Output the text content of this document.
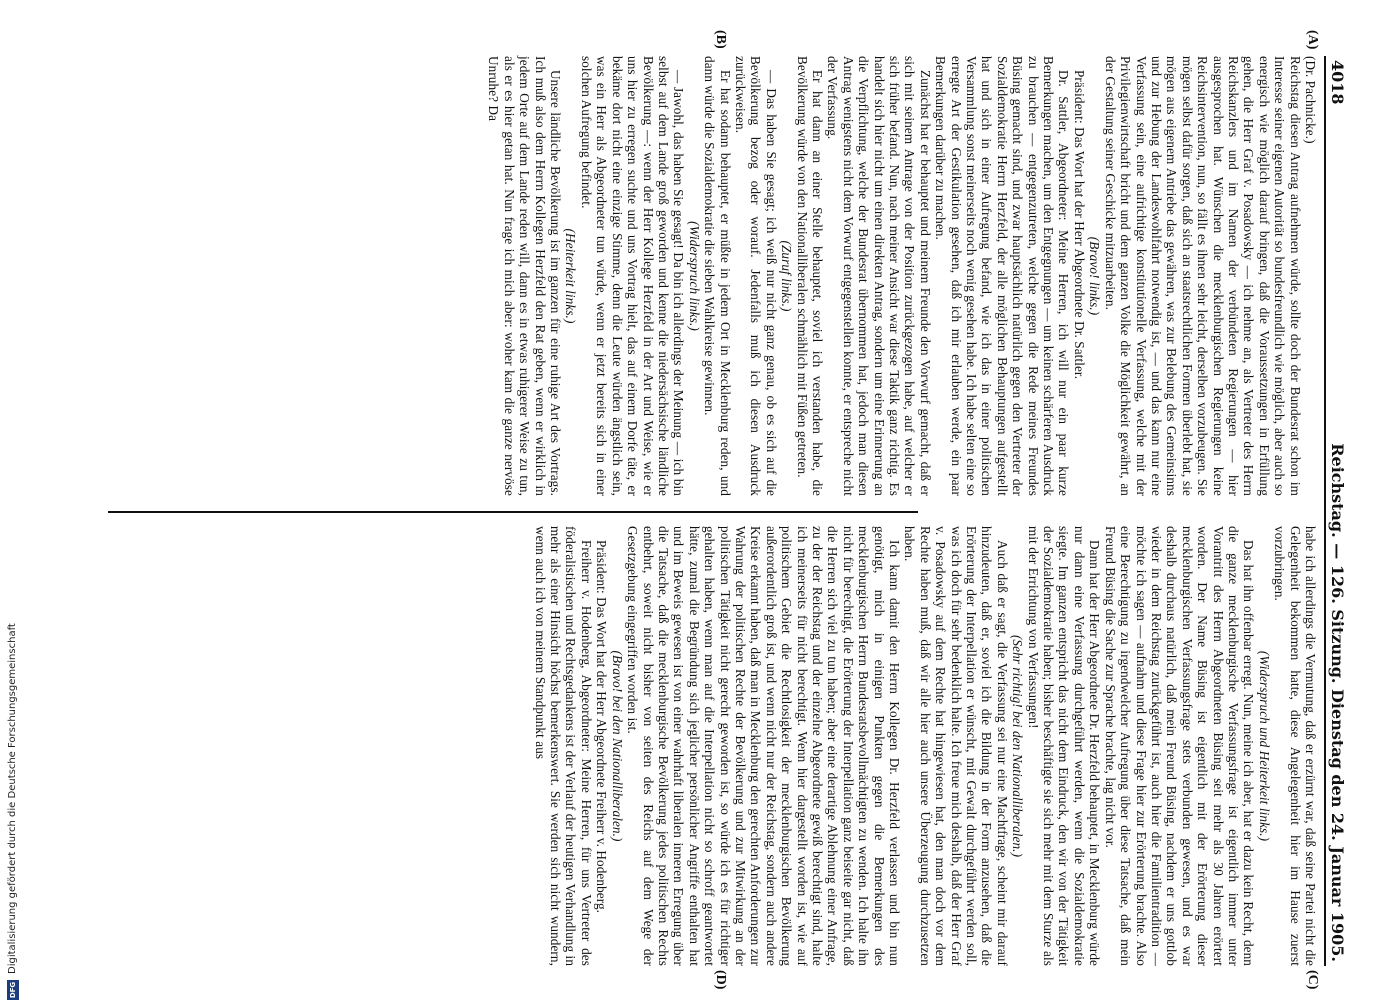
DFG
Digitalisierung gefördert durch die Deutsche Forschungsgemeinschaft
4018
Reichstag. — 126. Sitzung. Dienstag den 24. Januar 1905.
(A)
(B)
(C)
(D)

(Dr. Pachnicke.)

Reichstag diesen Antrag aufnehmen würde, sollte doch der Bundesrat schon im Interesse seiner eigenen Autorität so bundesfreundlich wie möglich, aber auch so energisch wie möglich darauf bringen, daß die Voraussetzungen in Erfüllung gehen, die Herr Graf v. Posadowsky — ich nehme an, als Vertreter des Herrn Reichskanzlers und im Namen der verbündeten Regierungen — hier ausgesprochen hat. Wünschen die mecklenburgischen Regierungen keine Reichsintervention, nun, so fällt es ihnen sehr leicht, derselben vorzubeugen. Sie mögen selbst dafür sorgen, daß sich an staatsrechtlichen Formen überlebt hat, sie mögen aus eigenem Antriebe das gewähren, was zur Belebung des Gemeinsinns und zur Hebung der Landeswohlfahrt notwendig ist, — und das kann nur eine Verfassung sein, eine aufrichtige konstitutionelle Verfassung, welche mit der Privilegienwirtschaft bricht und dem ganzen Volke die Möglichkeit gewährt, an der Gestaltung seiner Geschicke mitzuarbeiten.

(Bravo! links.)

Präsident: Das Wort hat der Herr Abgeordnete Dr. Sattler.

Dr. Sattler, Abgeordneter: Meine Herren, ich will nur ein paar kurze Bemerkungen machen, um den Entgegnungen — um keinen schärferen Ausdruck zu brauchen — entgegenzutreten, welche gegen die Rede meines Freundes Büsing gemacht sind, und zwar hauptsächlich natürlich gegen den Vertreter der Sozialdemokratie Herrn Herzfeld, der alle möglichen Behauptungen aufgestellt hat und sich in einer Aufregung befand, wie ich das in einer politischen Versammlung sonst meinerseits noch wenig gesehen habe. Ich habe selten eine so erregte Art der Gestikulation gesehen, daß ich mir erlauben werde, ein paar Bemerkungen darüber zu machen.

Zunächst hat er behauptet und meinem Freunde den Vorwurf gemacht, daß er sich mit seinem Antrage von der Position zurückgezogen habe, auf welcher er sich früher befand. Nun, nach meiner Ansicht war diese Taktik ganz richtig. Es handelt sich hier nicht um einen direkten Antrag, sondern um eine Erinnerung an die Verpflichtung, welche der Bundesrat übernommen hat, jedoch man diesen Antrag wenigstens nicht dem Vorwurf entgegenstellen konnte, er entspreche nicht der Verfassung.

Er hat dann an einer Stelle behauptet, soviel ich verstanden habe, die Bevölkerung würde von den Nationalliberalen schmählich mit Füßen getreten.

(Zuruf links.)

— Das haben Sie gesagt; ich weiß nur nicht ganz genau, ob es sich auf die Bevölkerung bezog oder worauf. Jedenfalls muß ich diesen Ausdruck zurückweisen.

Er hat sodann behauptet, er müßte in jedem Ort in Mecklenburg reden, und dann würde die Sozialdemokratie die sieben Wahlkreise gewinnen.

(Widerspruch links.)

— Jawohl, das haben Sie gesagt! Da bin ich allerdings der Meinung — ich bin selbst auf dem Lande groß geworden und kenne die niedersächsische ländliche Bevölkerung —: wenn der Herr Kollege Herzfeld in der Art und Weise, wie er uns hier zu erregen suchte und uns Vortrag hielt, das auf einem Dorfe täte, er bekäme dort nicht eine einzige Stimme, denn die Leute würden ängstlich sein, was ein Herr als Abgeordneter tun würde, wenn er jetzt bereits sich in einer solchen Aufregung befindet.

(Heiterkeit links.)

Unsere ländliche Bevölkerung ist im ganzen für eine ruhige Art des Vortrags. Ich muß also dem Herrn Kollegen Herzfeld den Rat geben, wenn er wirklich in jedem Orte auf dem Lande reden will, dann es in etwas ruhigerer Weise zu tun, als er es hier getan hat. Nun frage ich mich aber: woher kam die ganze nervöse Unruhe? Da

habe ich allerdings die Vermutung, daß er erzürnt war, daß seine Partei nicht die Gelegenheit bekommen hatte, diese Angelegenheit hier im Hause zuerst vorzubringen.

(Widerspruch und Heiterkeit links.)

Das hat ihn offenbar erregt. Nun, meine ich aber, hat er dazu kein Recht, denn die ganze mecklenburgische Verfassungsfrage ist eigentlich immer unter Vorantritt des Herrn Abgeordneten Büsing seit mehr als 30 Jahren erörtert worden. Der Name Büsing ist eigentlich mit der Erörterung dieser mecklenburgischen Verfassungsfrage stets verbunden gewesen, und es war deshalb durchaus natürlich, daß mein Freund Büsing, nachdem er uns gottlob wieder in dem Reichstag zurückgeführt ist, auch hier die Familientradition — möchte ich sagen — aufnahm und diese Frage hier zur Erörterung brachte. Also eine Berechtigung zu irgendwelcher Aufregung über diese Tatsache, daß mein Freund Büsing die Sache zur Sprache brachte, lag nicht vor.

Dann hat der Herr Abgeordnete Dr. Herzfeld behauptet, in Mecklenburg würde nur dann eine Verfassung durchgeführt werden, wenn die Sozialdemokratie siegte. Im ganzen entspricht das nicht dem Eindruck, den wir von der Tätigkeit der Sozialdemokratie haben; bisher beschäftigte sie sich mehr mit dem Sturze als mit der Errichtung von Verfassungen!

(Sehr richtig! bei den Nationalliberalen.)

Auch daß er sagt, die Verfassung sei nur eine Machtfrage, scheint mir darauf hinzudeuten, daß er, soviel ich die Bildung in der Form anzusehen, daß die Erörterung der Interpellation er wünscht, mit Gewalt durchgeführt werden soll, was ich doch für sehr bedenklich halte. Ich freue mich deshalb, daß der Herr Graf v. Posadowsky auf dem Rechte hat hingewiesen hat, den man doch vor dem Rechte haben muß, daß wir alle hier auch unsere Überzeugung durchzusetzen haben.

Ich kann damit den Herrn Kollegen Dr. Herzfeld verlassen und bin nun genötigt, mich in einigen Punkten gegen die Bemerkungen des mecklenburgischen Herrn Bundesratsbevollmächtigten zu wenden. Ich halte ihn nicht für berechtigt, die Erörterung der Interpellation ganz beiseite gar nicht, daß die Herren sich viel zu tun haben; aber eine derartige Ablehnung einer Anfrage, zu der der Reichstag und der einzelne Abgeordnete gewiß berechtigt sind, halte ich meinerseits für nicht berechtigt. Wenn hier dargestellt worden ist, wie auf politischem Gebiet die Rechtlosigkeit der mecklenburgischen Bevölkerung außerordentlich groß ist, und wenn nicht nur der Reichstag, sondern auch andere Kreise erkannt haben, daß man in Mecklenburg den gerechten Anforderungen zur Wahrung der politischen Rechte der Bevölkerung und zur Mitwirkung an der politischen Tätigkeit nicht gerecht geworden ist, so würde ich es für richtiger gehalten haben, wenn man auf die Interpellation nicht so schroff geantwortet hätte, zumal die Begründung sich jeglicher persönlicher Angriffe enthalten hat und im Beweis gewesen ist von einer wahrhaft liberalen inneren Erregung über die Tatsache, daß die mecklenburgische Bevölkerung jedes politischen Rechts entbehrt, soweit nicht bisher von seiten des Reichs auf dem Wege der Gesetzgebung eingegriffen worden ist.

(Bravo! bei den Nationalliberalen.)

Präsident: Das Wort hat der Herr Abgeordnete Freiherr v. Hodenberg.

Freiherr v. Hodenberg, Abgeordneter: Meine Herren, für uns Vertreter des föderalistischen und Rechtsgedankens ist der Verlauf der heutigen Verhandlung in mehr als einer Hinsicht höchst bemerkenswert. Sie werden sich nicht wundern, wenn auch ich von meinem Standpunkt aus
